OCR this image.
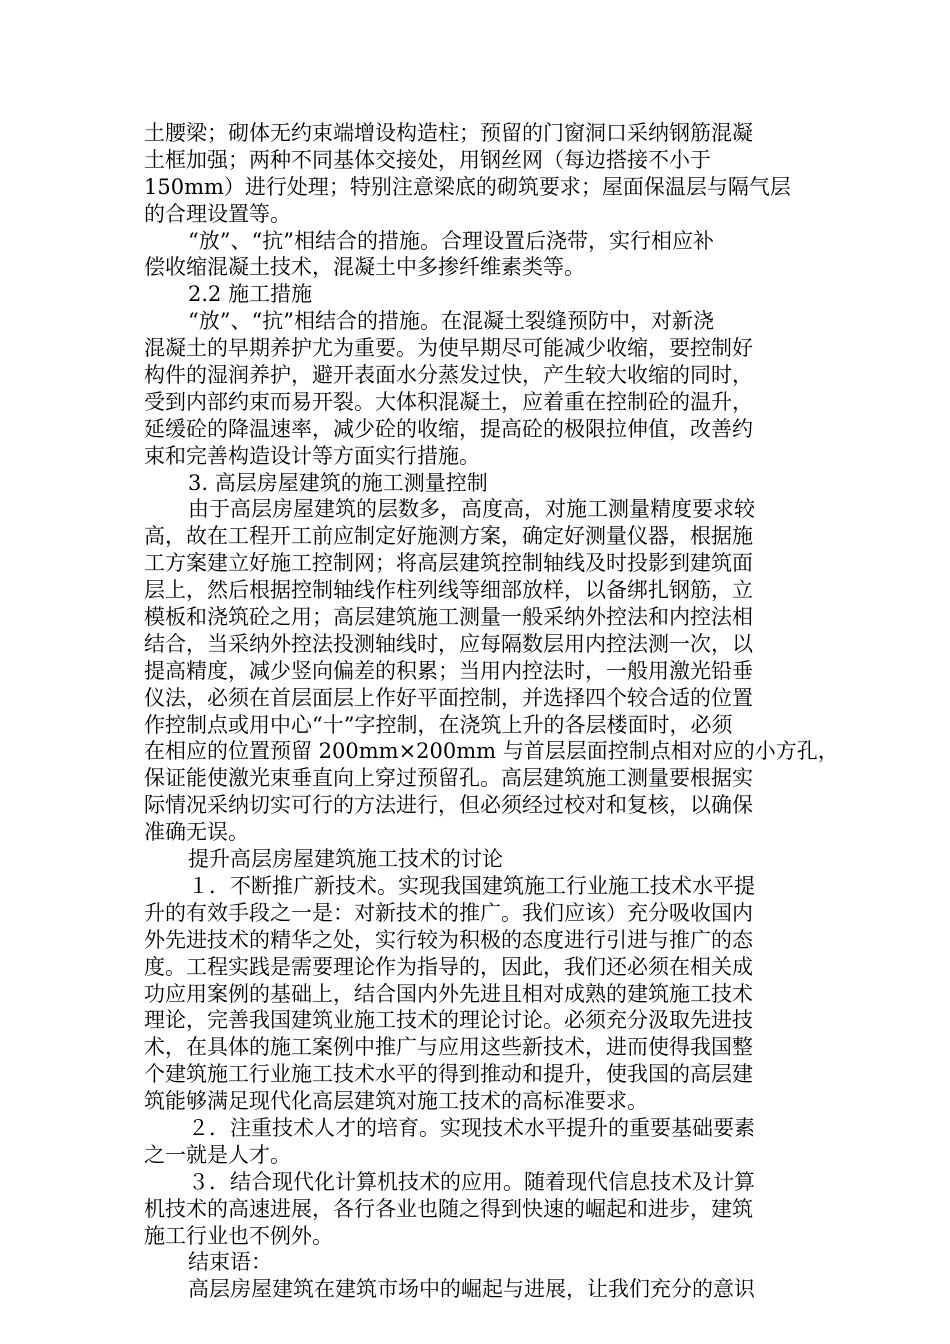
土腰梁；砌体无约束端增设构造柱；预留的门窗洞口采纳钢筋混凝
土框加强；两种不同基体交接处，用钢丝网（每边搭接不小于
150mm）进行处理；特别注意梁底的砌筑要求；屋面保温层与隔气层
的合理设置等。
“放”、“抗”相结合的措施。合理设置后浇带，实行相应补
偿收缩混凝土技术，混凝土中多掺纤维素类等。
2.2 施工措施
“放”、“抗”相结合的措施。在混凝土裂缝预防中，对新浇
混凝土的早期养护尤为重要。为使早期尽可能减少收缩，要控制好
构件的湿润养护，避开表面水分蒸发过快，产生较大收缩的同时，
受到内部约束而易开裂。大体积混凝土，应着重在控制砼的温升，
延缓砼的降温速率，减少砼的收缩，提高砼的极限拉伸值，改善约
束和完善构造设计等方面实行措施。
3. 高层房屋建筑的施工测量控制
由于高层房屋建筑的层数多，高度高，对施工测量精度要求较
高，故在工程开工前应制定好施测方案，确定好测量仪器，根据施
工方案建立好施工控制网；将高层建筑控制轴线及时投影到建筑面
层上，然后根据控制轴线作柱列线等细部放样，以备绑扎钢筋，立
模板和浇筑砼之用；高层建筑施工测量一般采纳外控法和内控法相
结合，当采纳外控法投测轴线时，应每隔数层用内控法测一次，以
提高精度，减少竖向偏差的积累；当用内控法时，一般用激光铅垂
仪法，必须在首层面层上作好平面控制，并选择四个较合适的位置
作控制点或用中心“十”字控制，在浇筑上升的各层楼面时，必须
在相应的位置预留 200mm×200mm 与首层层面控制点相对应的小方孔，
保证能使激光束垂直向上穿过预留孔。高层建筑施工测量要根据实
际情况采纳切实可行的方法进行，但必须经过校对和复核，以确保
准确无误。
提升高层房屋建筑施工技术的讨论
１．不断推广新技术。实现我国建筑施工行业施工技术水平提
升的有效手段之一是：对新技术的推广。我们应该）充分吸收国内
外先进技术的精华之处，实行较为积极的态度进行引进与推广的态
度。工程实践是需要理论作为指导的，因此，我们还必须在相关成
功应用案例的基础上，结合国内外先进且相对成熟的建筑施工技术
理论，完善我国建筑业施工技术的理论讨论。必须充分汲取先进技
术，在具体的施工案例中推广与应用这些新技术，进而使得我国整
个建筑施工行业施工技术水平的得到推动和提升，使我国的高层建
筑能够满足现代化高层建筑对施工技术的高标准要求。
２．注重技术人才的培育。实现技术水平提升的重要基础要素
之一就是人才。
３．结合现代化计算机技术的应用。随着现代信息技术及计算
机技术的高速进展，各行各业也随之得到快速的崛起和进步，建筑
施工行业也不例外。
结束语：
高层房屋建筑在建筑市场中的崛起与进展，让我们充分的意识
